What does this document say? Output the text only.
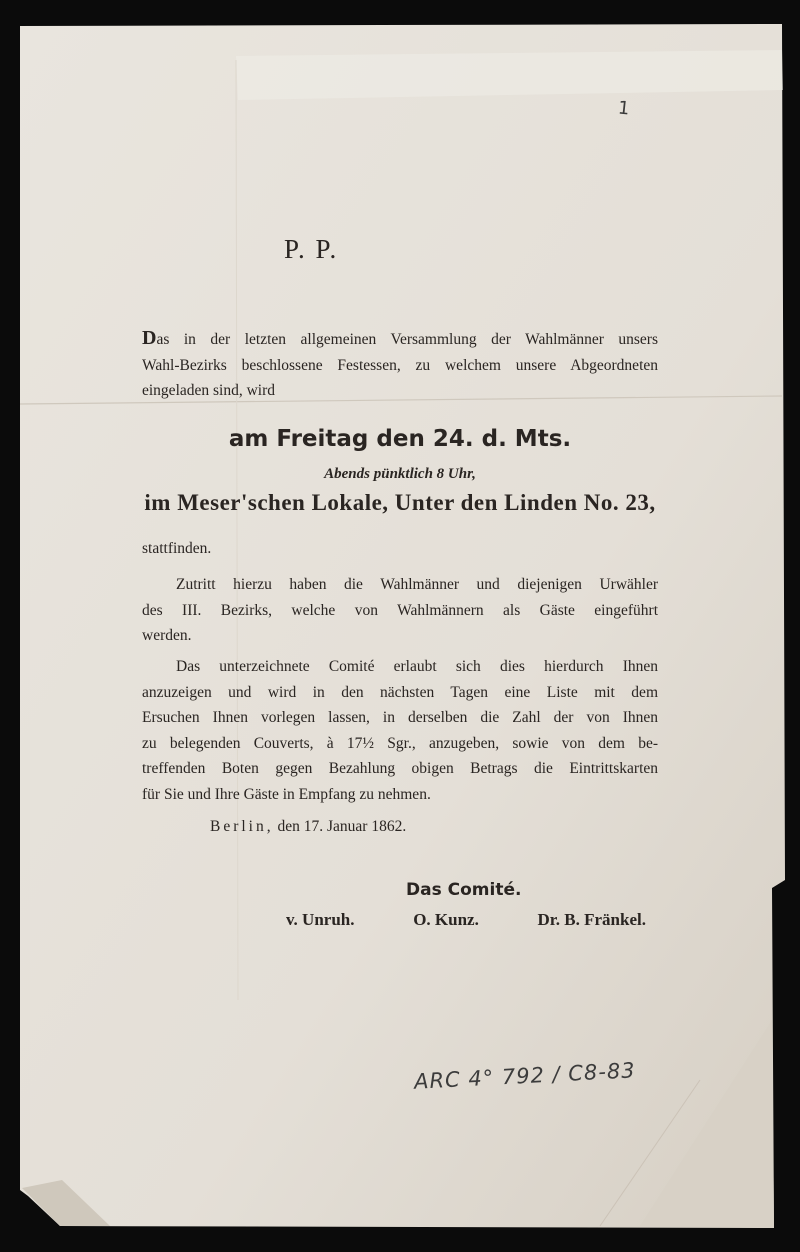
1
P. P.
Das in der letzten allgemeinen Versammlung der Wahlmänner unsers
Wahl-Bezirks beschlossene Festessen, zu welchem unsere Abgeordneten
eingeladen sind, wird
am Freitag den 24. d. Mts.
Abends pünktlich 8 Uhr,
im Meser'schen Lokale, Unter den Linden No. 23,
stattfinden.
Zutritt hierzu haben die Wahlmänner und diejenigen Urwähler
des III. Bezirks, welche von Wahlmännern als Gäste eingeführt
werden.
Das unterzeichnete Comité erlaubt sich dies hierdurch Ihnen
anzuzeigen und wird in den nächsten Tagen eine Liste mit dem
Ersuchen Ihnen vorlegen lassen, in derselben die Zahl der von Ihnen
zu belegenden Couverts, à 17½ Sgr., anzugeben, sowie von dem be-
treffenden Boten gegen Bezahlung obigen Betrags die Eintrittskarten
für Sie und Ihre Gäste in Empfang zu nehmen.
Berlin, den 17. Januar 1862.
Das Comité.
v. Unruh.	O. Kunz.	Dr. B. Fränkel.
ARC 4° 792 / C8-83
